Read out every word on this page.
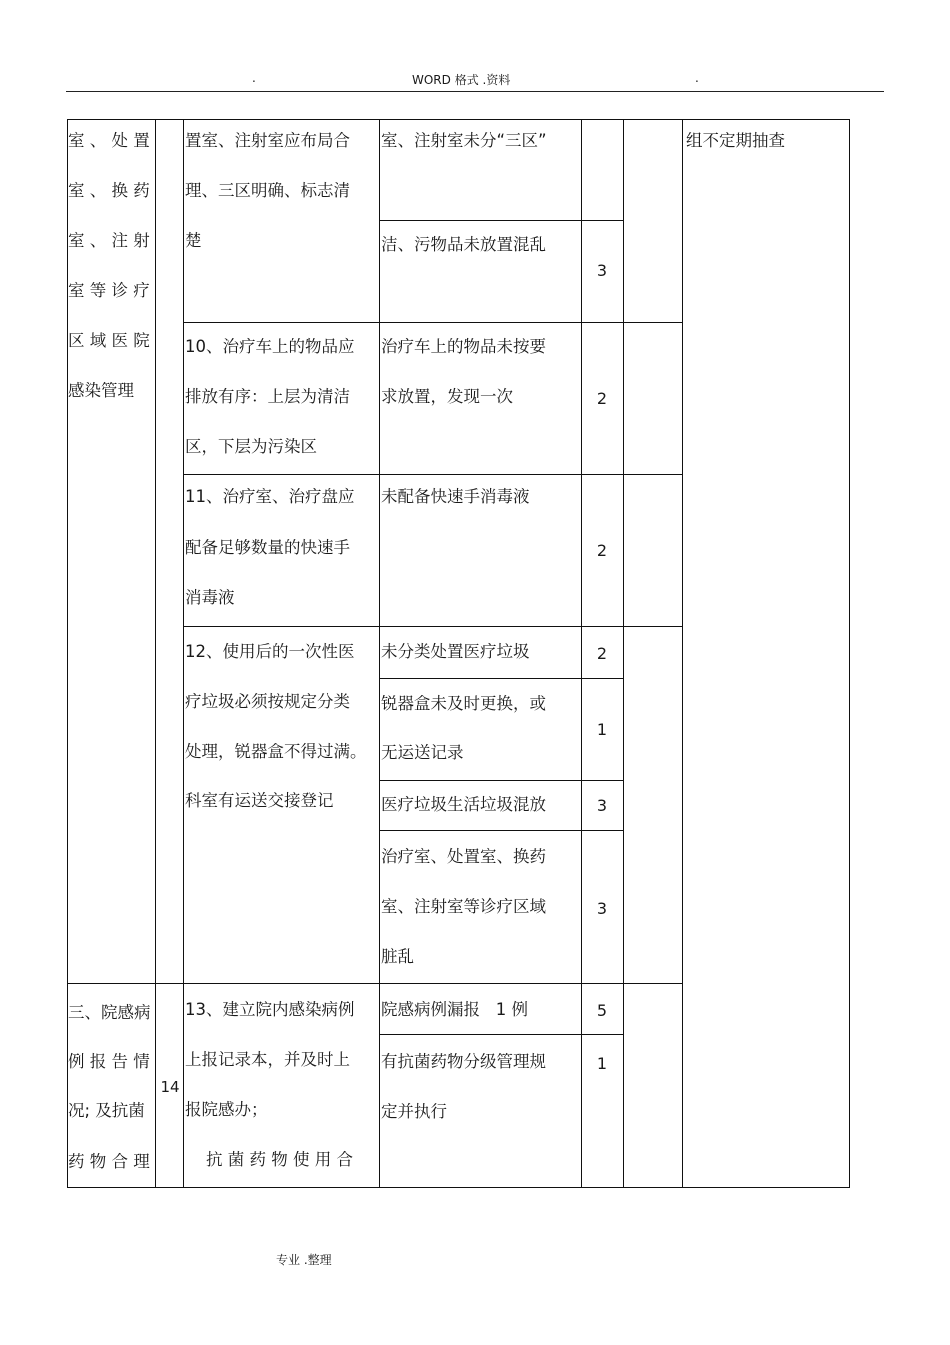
.	WORD 格式 .资料	.
室 、 处 置
室 、 换 药
室 、 注 射
室 等 诊 疗
区 域 医 院
感染管理
三、院感病
例 报 告 情
况; 及抗菌
药 物 合 理
14
置室、注射室应布局合
理、三区明确、标志清
楚
10、治疗车上的物品应
排放有序：上层为清洁
区，下层为污染区
11、治疗室、治疗盘应
配备足够数量的快速手
消毒液
12、使用后的一次性医
疗垃圾必须按规定分类
处理，锐器盒不得过满。
科室有运送交接登记
13、建立院内感染病例
上报记录本，并及时上
报院感办；
抗 菌 药 物 使 用 合
室、注射室未分“三区”
洁、污物品未放置混乱
治疗车上的物品未按要
求放置，发现一次
未配备快速手消毒液
未分类处置医疗垃圾
锐器盒未及时更换，或
无运送记录
医疗垃圾生活垃圾混放
治疗室、处置室、换药
室、注射室等诊疗区域
脏乱
院感病例漏报   1 例
有抗菌药物分级管理规
定并执行
3
2
2
2
1
3
3
5
1
组不定期抽查
专业 .整理
